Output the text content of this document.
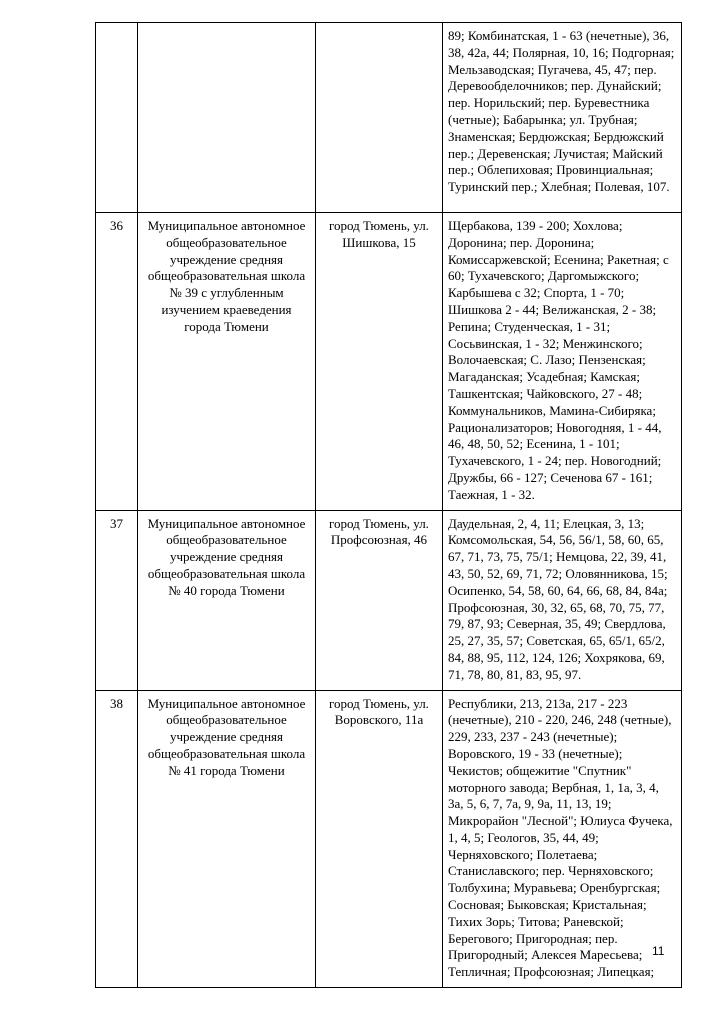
			89; Комбинатская, 1 - 63 (нечетные), 36, 38, 42а, 44; Полярная, 10, 16; Подгорная; Мельзаводская; Пугачева, 45, 47; пер. Деревообделочников; пер. Дунайский; пер. Норильский; пер. Буревестника (четные); Бабарынка; ул. Трубная; Знаменская; Бердюжская; Бердюжский пер.; Деревенская; Лучистая; Майский пер.; Облепиховая; Провинциальная; Туринский пер.; Хлебная; Полевая, 107.
36	Муниципальное автономное общеобразовательное учреждение средняя общеобразовательная школа № 39 с углубленным изучением краеведения города Тюмени	город Тюмень, ул. Шишкова, 15	Щербакова, 139 - 200; Хохлова; Доронина; пер. Доронина; Комиссаржевской; Есенина; Ракетная; с 60; Тухачевского; Даргомыжского; Карбышева с 32; Спорта, 1 - 70; Шишкова 2 - 44; Велижанская, 2 - 38; Репина; Студенческая, 1 - 31; Сосьвинская, 1 - 32; Менжинского; Волочаевская; С. Лазо; Пензенская; Магаданская; Усадебная; Камская; Ташкентская; Чайковского, 27 - 48; Коммунальников, Мамина-Сибиряка; Рационализаторов; Новогодняя, 1 - 44, 46, 48, 50, 52; Есенина, 1 - 101; Тухачевского, 1 - 24; пер. Новогодний; Дружбы, 66 - 127; Сеченова 67 - 161; Таежная, 1 - 32.
37	Муниципальное автономное общеобразовательное учреждение средняя общеобразовательная школа № 40 города Тюмени	город Тюмень, ул. Профсоюзная, 46	Даудельная, 2, 4, 11; Елецкая, 3, 13; Комсомольская, 54, 56, 56/1, 58, 60, 65, 67, 71, 73, 75, 75/1; Немцова, 22, 39, 41, 43, 50, 52, 69, 71, 72; Оловянникова, 15; Осипенко, 54, 58, 60, 64, 66, 68, 84, 84а; Профсоюзная, 30, 32, 65, 68, 70, 75, 77, 79, 87, 93; Северная, 35, 49; Свердлова, 25, 27, 35, 57; Советская, 65, 65/1, 65/2, 84, 88, 95, 112, 124, 126; Хохрякова, 69, 71, 78, 80, 81, 83, 95, 97.
38	Муниципальное автономное общеобразовательное учреждение средняя общеобразовательная школа № 41 города Тюмени	город Тюмень, ул. Воровского, 11а	Республики, 213, 213а, 217 - 223 (нечетные), 210 - 220, 246, 248 (четные), 229, 233, 237 - 243 (нечетные); Воровского, 19 - 33 (нечетные); Чекистов; общежитие "Спутник" моторного завода; Вербная, 1, 1а, 3, 4, 3а, 5, 6, 7, 7а, 9, 9а, 11, 13, 19; Микрорайон "Лесной"; Юлиуса Фучека, 1, 4, 5; Геологов, 35, 44, 49; Черняховского; Полетаева; Станиславского; пер. Черняховского; Толбухина; Муравьева; Оренбургская; Сосновая; Быковская; Кристальная; Тихих Зорь; Титова; Раневской; Берегового; Пригородная; пер. Пригородный; Алексея Маресьева; Тепличная; Профсоюзная; Липецкая;
11
